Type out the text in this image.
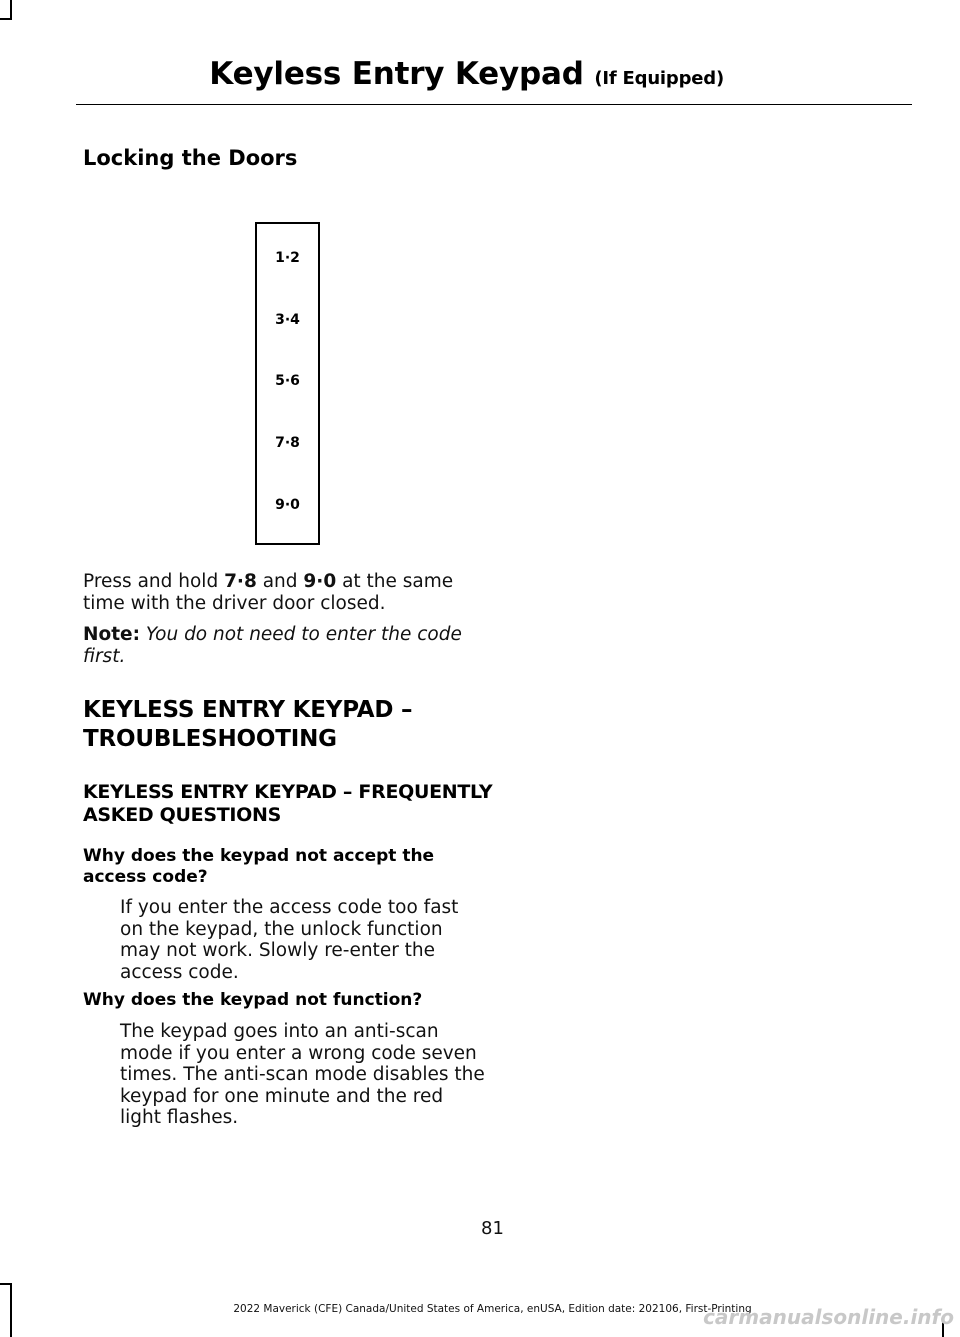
Keyless Entry Keypad (If Equipped)
Locking the Doors
1·2
3·4
5·6
7·8
9·0
Press and hold 7·8 and 9·0 at the same time with the driver door closed.
Note: You do not need to enter the code first.
KEYLESS ENTRY KEYPAD –
TROUBLESHOOTING
KEYLESS ENTRY KEYPAD – FREQUENTLY ASKED QUESTIONS
Why does the keypad not accept the access code?
If you enter the access code too fast on the keypad, the unlock function may not work. Slowly re-enter the access code.
Why does the keypad not function?
The keypad goes into an anti-scan mode if you enter a wrong code seven times. The anti-scan mode disables the keypad for one minute and the red light flashes.
81
2022 Maverick (CFE) Canada/United States of America, enUSA, Edition date: 202106, First-Printing
carmanualsonline.info
